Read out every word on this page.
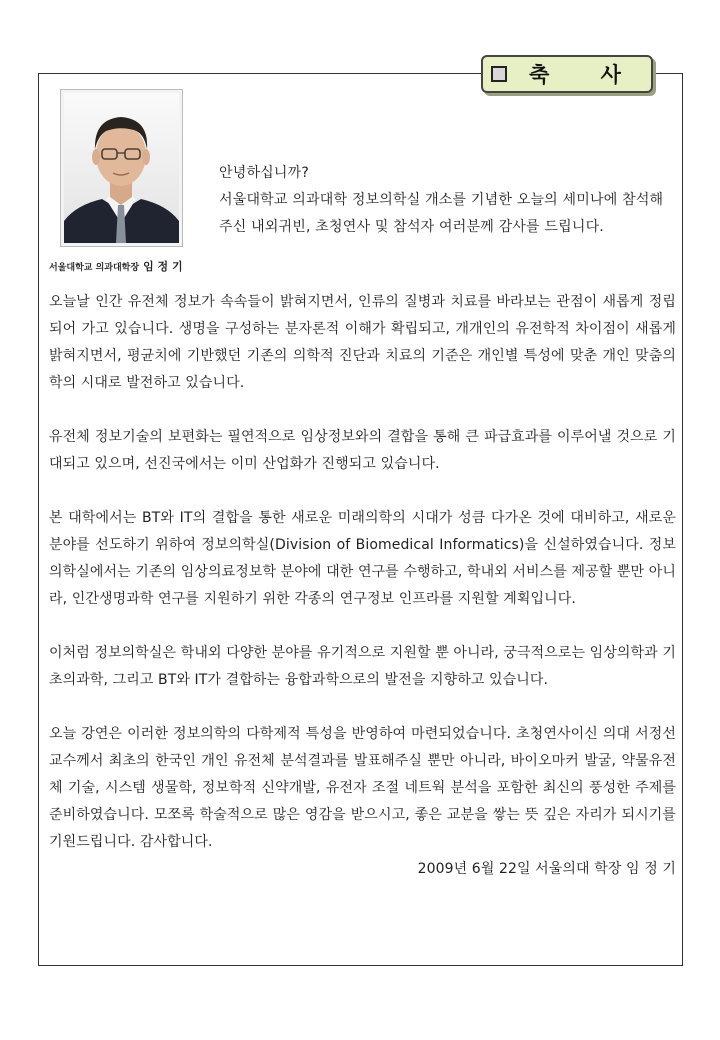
축 사
서울대학교 의과대학장 임 정 기
안녕하십니까?
서울대학교 의과대학 정보의학실 개소를 기념한 오늘의 세미나에 참석해 주신 내외귀빈, 초청연사 및 참석자 여러분께 감사를 드립니다.

오늘날 인간 유전체 정보가 속속들이 밝혀지면서, 인류의 질병과 치료를 바라보는 관점이 새롭게 정립되어 가고 있습니다. 생명을 구성하는 분자론적 이해가 확립되고, 개개인의 유전학적 차이점이 새롭게 밝혀지면서, 평균치에 기반했던 기존의 의학적 진단과 치료의 기준은 개인별 특성에 맞춘 개인 맞춤의학의 시대로 발전하고 있습니다.

유전체 정보기술의 보편화는 필연적으로 임상정보와의 결합을 통해 큰 파급효과를 이루어낼 것으로 기대되고 있으며, 선진국에서는 이미 산업화가 진행되고 있습니다.

본 대학에서는 BT와 IT의 결합을 통한 새로운 미래의학의 시대가 성큼 다가온 것에 대비하고, 새로운 분야를 선도하기 위하여 정보의학실(Division of Biomedical Informatics)을 신설하였습니다. 정보의학실에서는 기존의 임상의료정보학 분야에 대한 연구를 수행하고, 학내외 서비스를 제공할 뿐만 아니라, 인간생명과학 연구를 지원하기 위한 각종의 연구정보 인프라를 지원할 계획입니다.

이처럼 정보의학실은 학내외 다양한 분야를 유기적으로 지원할 뿐 아니라, 궁극적으로는 임상의학과 기초의과학, 그리고 BT와 IT가 결합하는 융합과학으로의 발전을 지향하고 있습니다.

오늘 강연은 이러한 정보의학의 다학제적 특성을 반영하여 마련되었습니다. 초청연사이신 의대 서정선 교수께서 최초의 한국인 개인 유전체 분석결과를 발표해주실 뿐만 아니라, 바이오마커 발굴, 약물유전체 기술, 시스템 생물학, 정보학적 신약개발, 유전자 조절 네트웍 분석을 포함한 최신의 풍성한 주제를 준비하였습니다. 모쪼록 학술적으로 많은 영감을 받으시고, 좋은 교분을 쌓는 뜻 깊은 자리가 되시기를 기원드립니다. 감사합니다.

2009년 6월 22일 서울의대 학장 임 정 기
